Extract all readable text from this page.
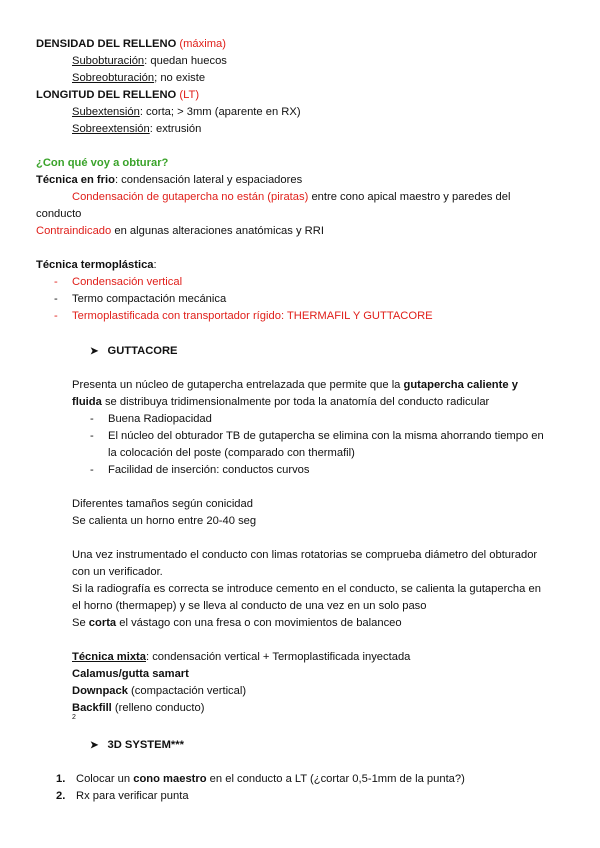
DENSIDAD DEL RELLENO (máxima)
Subobturación: quedan huecos
Sobreobturación; no existe
LONGITUD DEL RELLENO (LT)
Subextensión: corta; > 3mm (aparente en RX)
Sobreextensión: extrusión
¿Con qué voy a obturar?
Técnica en frio: condensación lateral y espaciadores
Condensación de gutapercha no están (piratas) entre cono apical maestro y paredes del
conducto
Contraindicado en algunas alteraciones anatómicas y RRI
Técnica termoplástica:
- Condensación vertical
- Termo compactación mecánica
- Termoplastificada con transportador rígido: THERMAFIL Y GUTTACORE
➤ GUTTACORE
Presenta un núcleo de gutapercha entrelazada que permite que la gutapercha caliente y
fluida se distribuya tridimensionalmente por toda la anatomía del conducto radicular
- Buena Radiopacidad
- El núcleo del obturador TB de gutapercha se elimina con la misma ahorrando tiempo en
la colocación del poste (comparado con thermafil)
- Facilidad de inserción: conductos curvos
Diferentes tamaños según conicidad
Se calienta un horno entre 20-40 seg
Una vez instrumentado el conducto con limas rotatorias se comprueba diámetro del obturador
con un verificador.
Si la radiografía es correcta se introduce cemento en el conducto, se calienta la gutapercha en
el horno (thermapep) y se lleva al conducto de una vez en un solo paso
Se corta el vástago con una fresa o con movimientos de balanceo
Técnica mixta: condensación vertical + Termoplastificada inyectada
Calamus/gutta samart
Downpack (compactación vertical)
Backfill (relleno conducto)
2
➤ 3D SYSTEM***
1. Colocar un cono maestro en el conducto a LT (¿cortar 0,5-1mm de la punta?)
2. Rx para verificar punta
